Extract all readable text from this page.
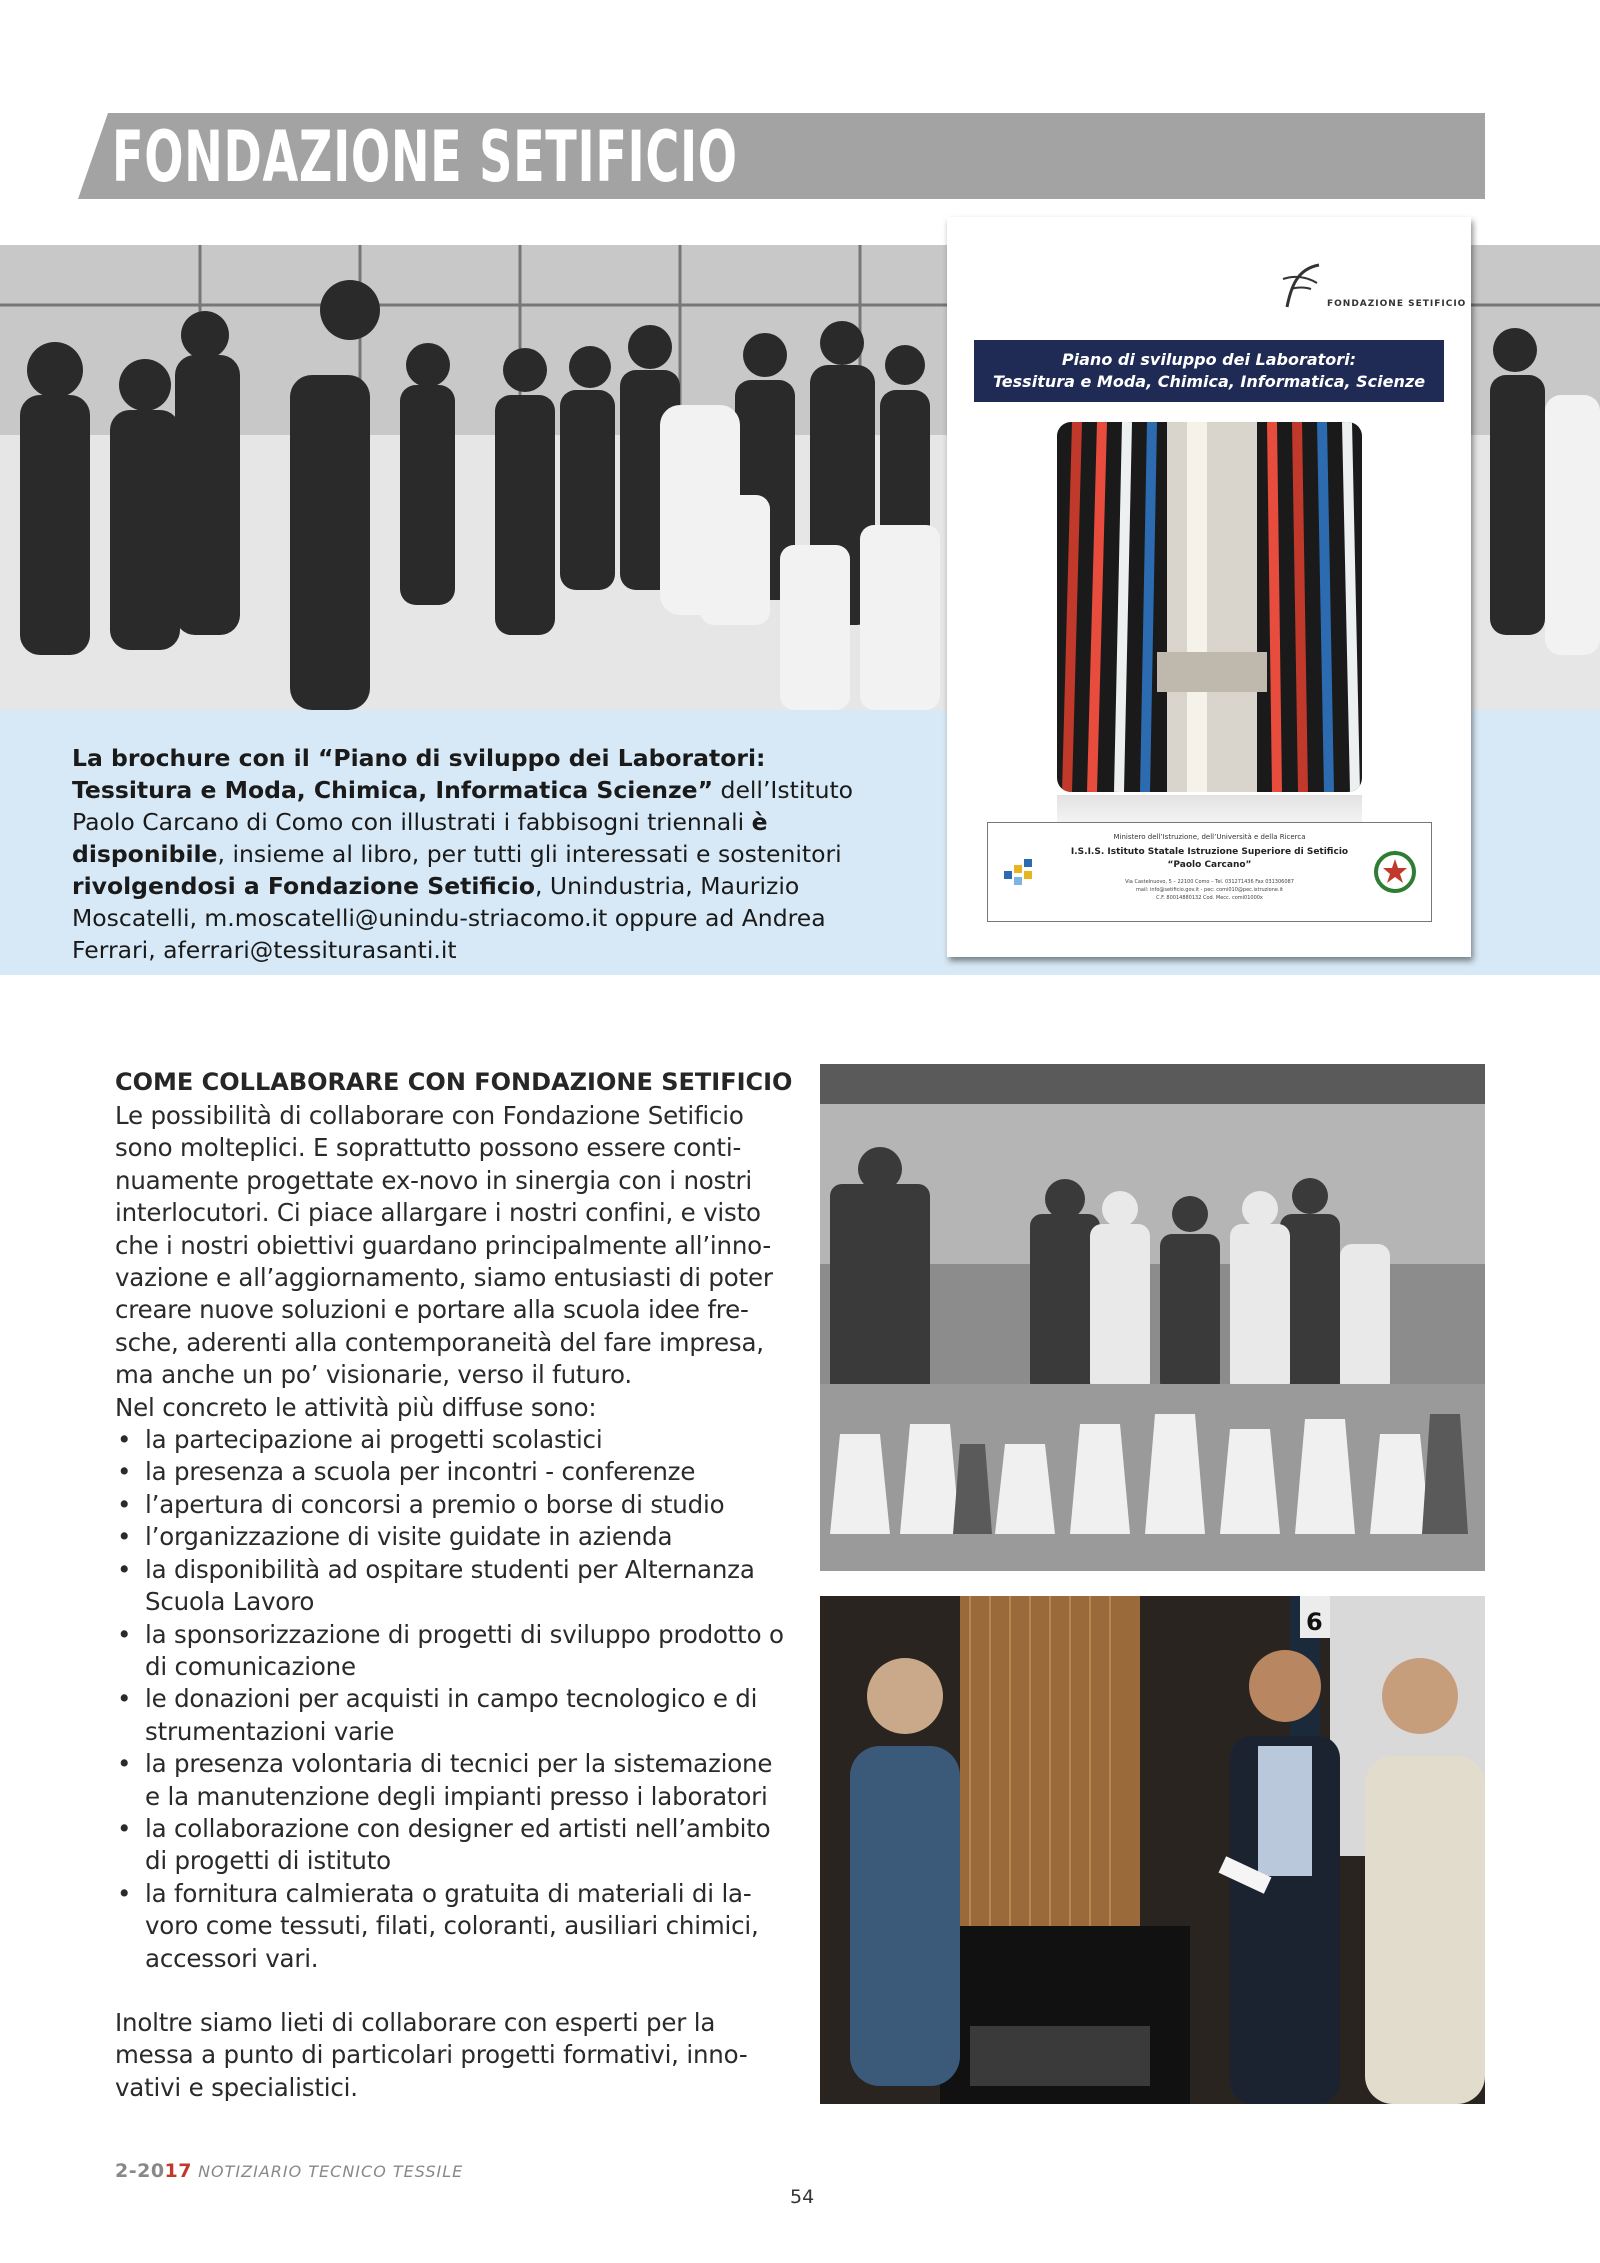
FONDAZIONE SETIFICIO
La brochure con il “Piano di sviluppo dei Laboratori: Tessitura e Moda, Chimica, Informatica Scienze” dell’Istituto Paolo Carcano di Como con illustrati i fabbisogni triennali è disponibile, insieme al libro, per tutti gli interessati e sostenitori rivolgendosi a Fondazione Setificio, Unindustria, Maurizio Moscatelli, m.moscatelli@unindu-striacomo.it oppure ad Andrea Ferrari, aferrari@tessiturasanti.it
FONDAZIONE SETIFICIO
Piano di sviluppo dei Laboratori:
Tessitura e Moda, Chimica, Informatica, Scienze
Ministero dell’Istruzione, dell’Università e della Ricerca
I.S.I.S. Istituto Statale Istruzione Superiore di Setificio
“Paolo Carcano”
Via Castelnuovo, 5 – 22100 Como – Tel. 031271436 Fax 031306087
mail: info@setificio.gov.it - pec: comi010@pec.istruzione.it
C.F. 80014880132 Cod. Mecc. comi01000x
COME COLLABORARE CON FONDAZIONE SETIFICIO

Le possibilità di collaborare con Fondazione Setificio sono molteplici. E soprattutto possono essere conti-nuamente progettate ex-novo in sinergia con i nostri interlocutori. Ci piace allargare i nostri confini, e visto che i nostri obiettivi guardano principalmente all’inno-vazione e all’aggiornamento, siamo entusiasti di poter creare nuove soluzioni e portare alla scuola idee fre-sche, aderenti alla contemporaneità del fare impresa, ma anche un po’ visionarie, verso il futuro.

Nel concreto le attività più diffuse sono:

• la partecipazione ai progetti scolastici
• la presenza a scuola per incontri - conferenze
• l’apertura di concorsi a premio o borse di studio
• l’organizzazione di visite guidate in azienda
• la disponibilità ad ospitare studenti per Alternanza Scuola Lavoro
• la sponsorizzazione di progetti di sviluppo prodotto o di comunicazione
• le donazioni per acquisti in campo tecnologico e di strumentazioni varie
• la presenza volontaria di tecnici per la sistemazione e la manutenzione degli impianti presso i laboratori
• la collaborazione con designer ed artisti nell’ambito di progetti di istituto
• la fornitura calmierata o gratuita di materiali di la-voro come tessuti, filati, coloranti, ausiliari chimici, accessori vari.

Inoltre siamo lieti di collaborare con esperti per la messa a punto di particolari progetti formativi, inno-vativi e specialistici.

6
2-2017 NOTIZIARIO TECNICO TESSILE
54
